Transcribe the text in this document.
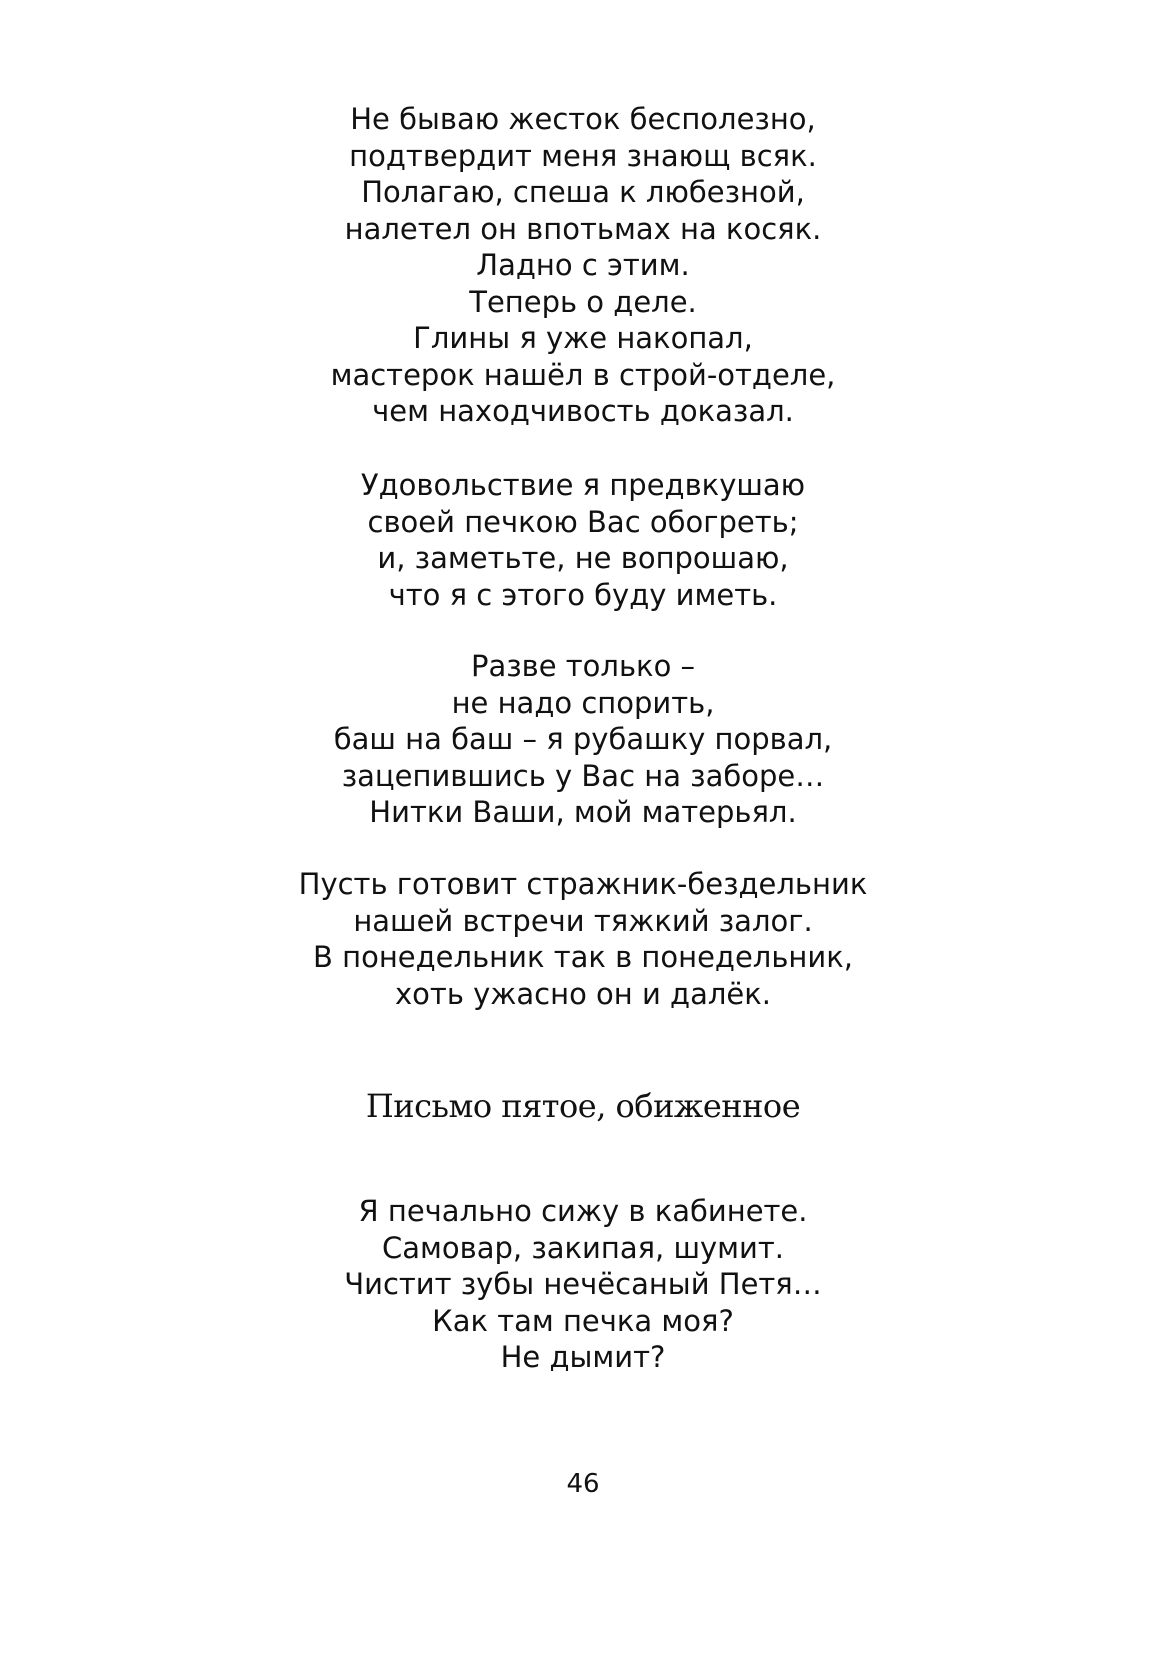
Не бываю жесток бесполезно,
подтвердит меня знающ всяк.
Полагаю, спеша к любезной,
налетел он впотьмах на косяк.
Ладно с этим.
Теперь о деле.
Глины я уже накопал,
мастерок нашёл в строй-отделе,
чем находчивость доказал.
Удовольствие я предвкушаю
своей печкою Вас обогреть;
и, заметьте, не вопрошаю,
что я с этого буду иметь.
Разве только –
не надо спорить,
баш на баш – я рубашку порвал,
зацепившись у Вас на заборе…
Нитки Ваши, мой матерьял.
Пусть готовит стражник-бездельник
нашей встречи тяжкий залог.
В понедельник так в понедельник,
хоть ужасно он и далёк.
Письмо пятое, обиженное
Я печально сижу в кабинете.
Самовар, закипая, шумит.
Чистит зубы нечёсаный Петя…
Как там печка моя?
Не дымит?
46
